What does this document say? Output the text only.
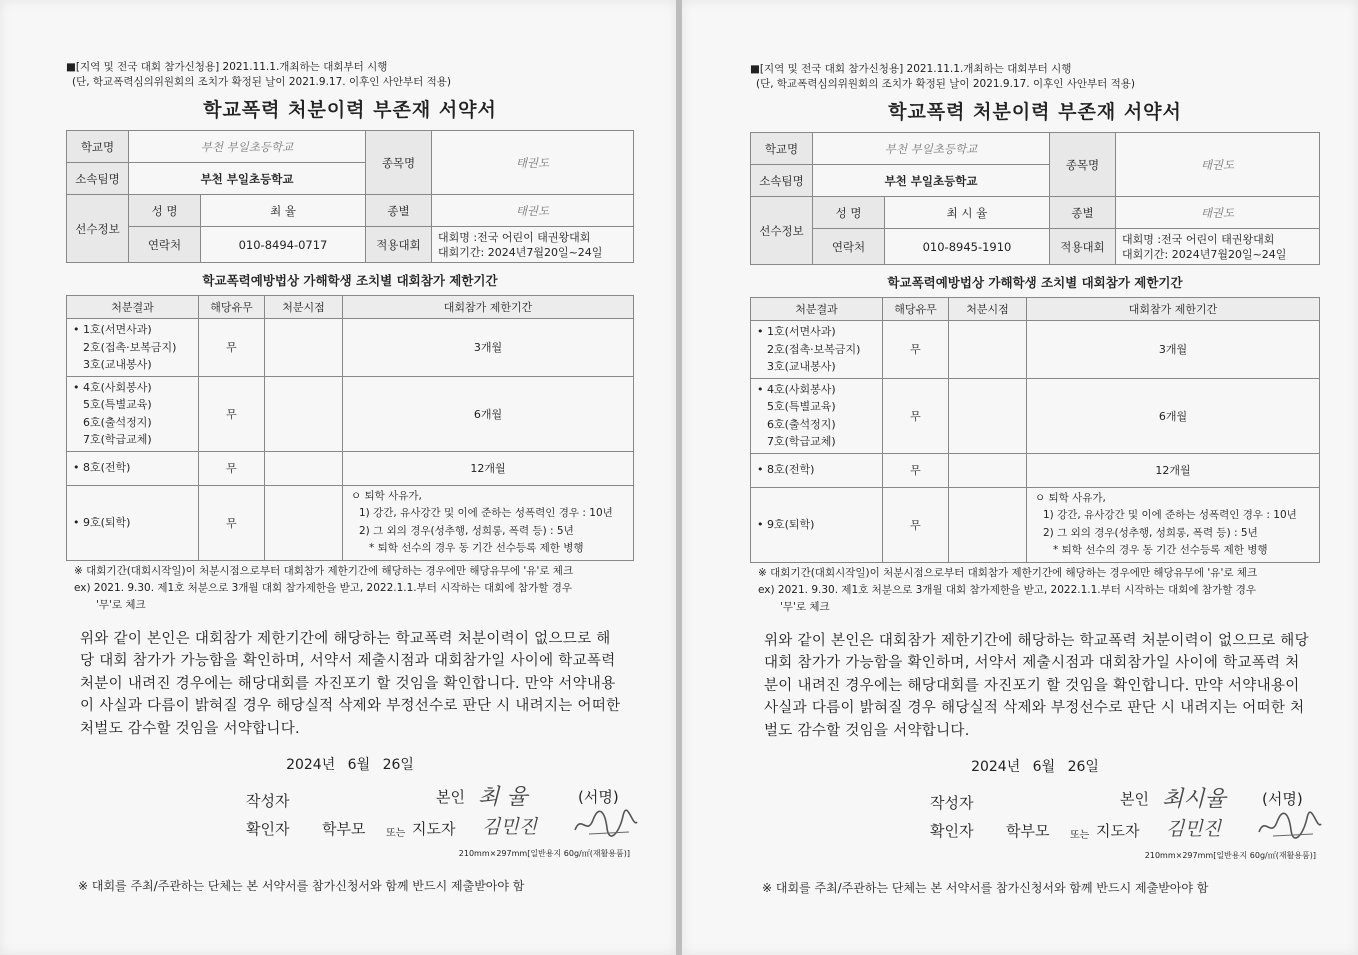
■[지역 및 전국 대회 참가신청용] 2021.11.1.개최하는 대회부터 시행
(단, 학교폭력심의위원회의 조치가 확정된 날이 2021.9.17. 이후인 사안부터 적용)
학교폭력 처분이력 부존재 서약서
학교명	부천 부일초등학교		종목명	태권도
소속팀명	부천 부일초등학교			
선수정보	성 명	최 율	종별	태권도
	연락처	010-8494-0717	적용대회	대회명 :전국 어린이 태권왕대회
대회기간: 2024년7월20일~24일
학교폭력예방법상 가해학생 조치별 대회참가 제한기간
처분결과	해당유무	처분시점	대회참가 제한기간

• 1호(서면사과)
2호(접촉·보복금지)
3호(교내봉사)	무		3개월

• 4호(사회봉사)
5호(특별교육)
6호(출석정지)
7호(학급교체)	무		6개월

• 8호(전학)	무		12개월

• 9호(퇴학)	무		ㅇ 퇴학 사유가,
1) 강간, 유사강간 및 이에 준하는 성폭력인 경우 : 10년
2) 그 외의 경우(성추행, 성희롱, 폭력 등) : 5년
* 퇴학 선수의 경우 동 기간 선수등록 제한 병행
※ 대회기간(대회시작일)이 처분시점으로부터 대회참가 제한기간에 해당하는 경우에만 해당유무에 '유'로 체크
ex) 2021. 9.30. 제1호 처분으로 3개월 대회 참가제한을 받고, 2022.1.1.부터 시작하는 대회에 참가할 경우
'무'로 체크
위와 같이 본인은 대회참가 제한기간에 해당하는 학교폭력 처분이력이 없으므로 해당 대회 참가가 가능함을 확인하며, 서약서 제출시점과 대회참가일 사이에 학교폭력 처분이 내려진 경우에는 해당대회를 자진포기 할 것임을 확인합니다. 만약 서약내용이 사실과 다름이 밝혀질 경우 해당실적 삭제와 부정선수로 판단 시 내려지는 어떠한 처벌도 감수할 것임을 서약합니다.
2024년 6월 26일
작성자	본인 최 율	(서명)
확인자 학부모 또는 지도자 김민진
210mm×297mm[일반용지 60g/㎡(재활용품)]
※ 대회를 주최/주관하는 단체는 본 서약서를 참가신청서와 함께 반드시 제출받아야 함
■[지역 및 전국 대회 참가신청용] 2021.11.1.개최하는 대회부터 시행
(단, 학교폭력심의위원회의 조치가 확정된 날이 2021.9.17. 이후인 사안부터 적용)
학교폭력 처분이력 부존재 서약서
학교명	부천 부일초등학교		종목명	태권도
소속팀명	부천 부일초등학교			
선수정보	성 명	최 시 율	종별	태권도
	연락처	010-8945-1910	적용대회	대회명 :전국 어린이 태권왕대회
대회기간: 2024년7월20일~24일
학교폭력예방법상 가해학생 조치별 대회참가 제한기간
처분결과	해당유무	처분시점	대회참가 제한기간

• 1호(서면사과)
2호(접촉·보복금지)
3호(교내봉사)	무		3개월

• 4호(사회봉사)
5호(특별교육)
6호(출석정지)
7호(학급교체)	무		6개월

• 8호(전학)	무		12개월

• 9호(퇴학)	무		ㅇ 퇴학 사유가,
1) 강간, 유사강간 및 이에 준하는 성폭력인 경우 : 10년
2) 그 외의 경우(성추행, 성희롱, 폭력 등) : 5년
* 퇴학 선수의 경우 동 기간 선수등록 제한 병행
※ 대회기간(대회시작일)이 처분시점으로부터 대회참가 제한기간에 해당하는 경우에만 해당유무에 '유'로 체크
ex) 2021. 9.30. 제1호 처분으로 3개월 대회 참가제한을 받고, 2022.1.1.부터 시작하는 대회에 참가할 경우
'무'로 체크
위와 같이 본인은 대회참가 제한기간에 해당하는 학교폭력 처분이력이 없으므로 해당 대회 참가가 가능함을 확인하며, 서약서 제출시점과 대회참가일 사이에 학교폭력 처분이 내려진 경우에는 해당대회를 자진포기 할 것임을 확인합니다. 만약 서약내용이 사실과 다름이 밝혀질 경우 해당실적 삭제와 부정선수로 판단 시 내려지는 어떠한 처벌도 감수할 것임을 서약합니다.
2024년 6월 26일
작성자	본인 최시율 (서명)
확인자 학부모 또는 지도자 김민진
210mm×297mm[일반용지 60g/㎡(재활용품)]
※ 대회를 주최/주관하는 단체는 본 서약서를 참가신청서와 함께 반드시 제출받아야 함
